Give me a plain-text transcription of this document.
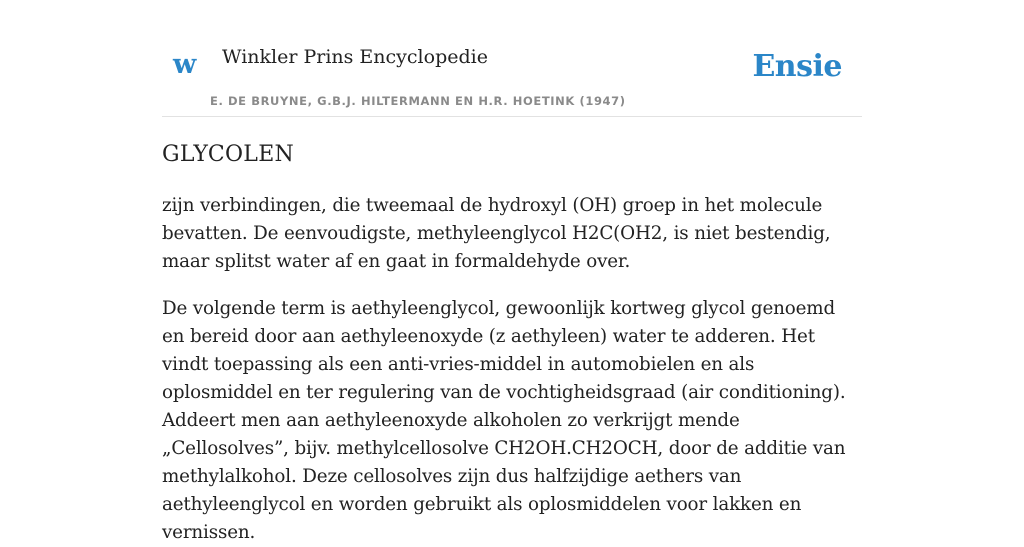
w Winkler Prins Encyclopedie
E. DE BRUYNE, G.B.J. HILTERMANN EN H.R. HOETINK (1947)
Ensie
GLYCOLEN

zijn verbindingen, die tweemaal de hydroxyl (OH) groep in het molecule bevatten. De eenvoudigste, methyleenglycol H2C(OH2, is niet bestendig, maar splitst water af en gaat in formaldehyde over.

De volgende term is aethyleenglycol, gewoonlijk kortweg glycol genoemd en bereid door aan aethyleenoxyde (z aethyleen) water te adderen. Het vindt toepassing als een anti-vries-middel in automobielen en als oplosmiddel en ter regulering van de vochtigheidsgraad (air conditioning). Addeert men aan aethyleenoxyde alkoholen zo verkrijgt mende „Cellosolves”, bijv. methylcellosolve CH2OH.CH2OCH, door de additie van methylalkohol. Deze cellosolves zijn dus halfzijdige aethers van aethyleenglycol en worden gebruikt als oplosmiddelen voor lakken en vernissen.
